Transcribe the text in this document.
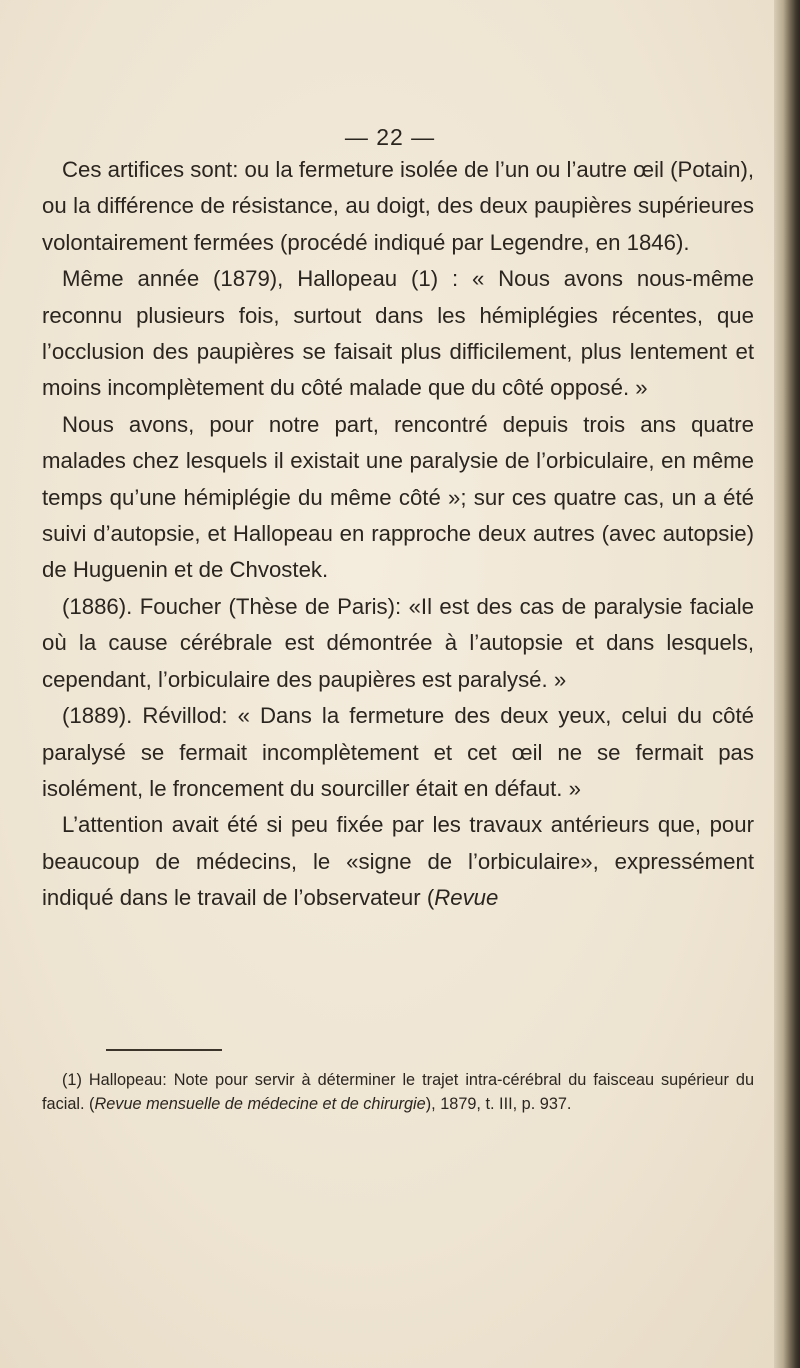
— 22 —

Ces artifices sont: ou la fermeture isolée de l’un ou l’autre œil (Potain), ou la différence de résistance, au doigt, des deux paupières supérieures volontairement fermées (procédé indiqué par Legendre, en 1846).

Même année (1879), Hallopeau (1) : « Nous avons nous-même reconnu plusieurs fois, surtout dans les hémiplégies récentes, que l’occlusion des paupières se faisait plus difficilement, plus lentement et moins incomplètement du côté malade que du côté opposé. »

Nous avons, pour notre part, rencontré depuis trois ans quatre malades chez lesquels il existait une paralysie de l’orbiculaire, en même temps qu’une hémiplégie du même côté »; sur ces quatre cas, un a été suivi d’autopsie, et Hallopeau en rapproche deux autres (avec autopsie) de Huguenin et de Chvostek.

(1886). Foucher (Thèse de Paris): «Il est des cas de paralysie faciale où la cause cérébrale est démontrée à l’autopsie et dans lesquels, cependant, l’orbiculaire des paupières est paralysé. »

(1889). Révillod: « Dans la fermeture des deux yeux, celui du côté paralysé se fermait incomplètement et cet œil ne se fermait pas isolément, le froncement du sourciller était en défaut. »

L’attention avait été si peu fixée par les travaux antérieurs que, pour beaucoup de médecins, le «signe de l’orbiculaire», expressément indiqué dans le travail de l’observateur (Revue

(1) Hallopeau: Note pour servir à déterminer le trajet intra-cérébral du faisceau supérieur du facial. (Revue mensuelle de médecine et de chirurgie), 1879, t. III, p. 937.
